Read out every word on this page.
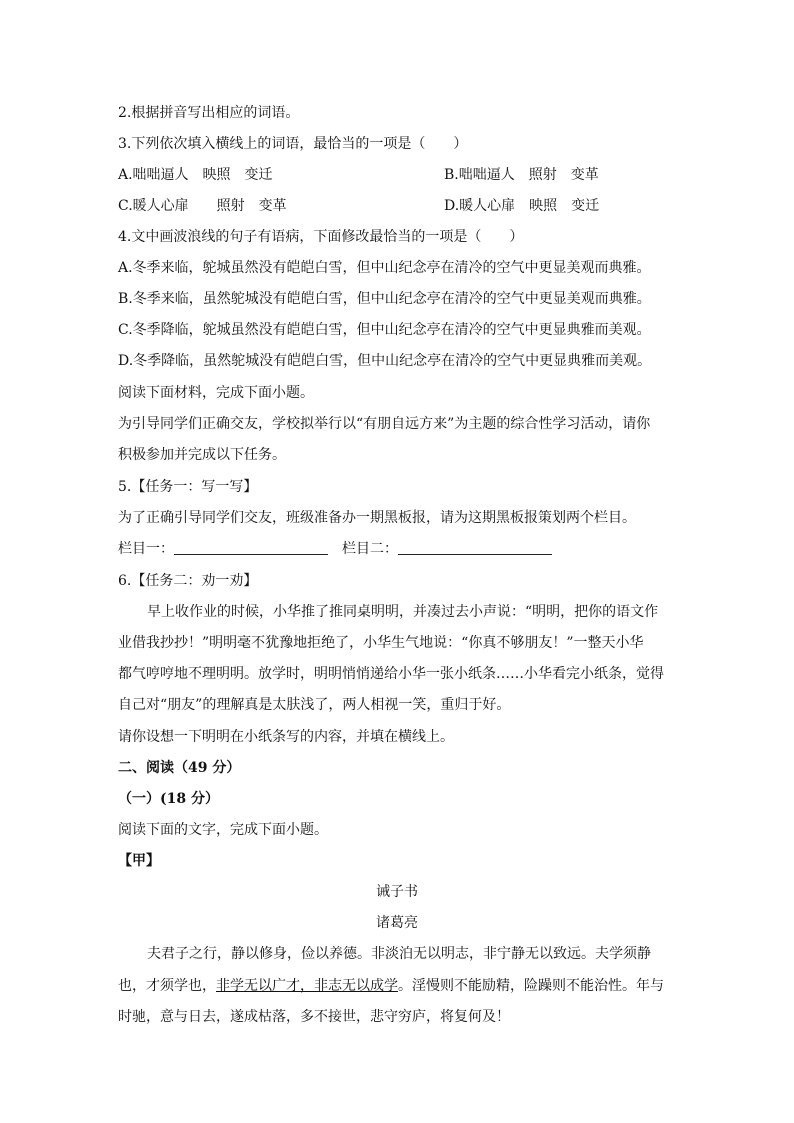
2.根据拼音写出相应的词语。
3.下列依次填入横线上的词语，最恰当的一项是（　　）
A.咄咄逼人　映照　变迁	B.咄咄逼人　照射　变革
C.暖人心扉　　照射　变革	D.暖人心扉　映照　变迁
4.文中画波浪线的句子有语病，下面修改最恰当的一项是（　　）
A.冬季来临，鸵城虽然没有皑皑白雪，但中山纪念亭在清冷的空气中更显美观而典雅。
B.冬季来临，虽然鸵城没有皑皑白雪，但中山纪念亭在清冷的空气中更显美观而典雅。
C.冬季降临，鸵城虽然没有皑皑白雪，但中山纪念亭在清冷的空气中更显典雅而美观。
D.冬季降临，虽然鸵城没有皑皑白雪，但中山纪念亭在清冷的空气中更显典雅而美观。
阅读下面材料，完成下面小题。
为引导同学们正确交友，学校拟举行以“有朋自远方来”为主题的综合性学习活动，请你
积极参加并完成以下任务。
5.【任务一：写一写】
为了正确引导同学们交友，班级准备办一期黑板报，请为这期黑板报策划两个栏目。
栏目一：	栏目二：
6.【任务二：劝一劝】
早上收作业的时候，小华推了推同桌明明，并凑过去小声说：“明明，把你的语文作
业借我抄抄！”明明毫不犹豫地拒绝了，小华生气地说：“你真不够朋友！”一整天小华
都气哼哼地不理明明。放学时，明明悄悄递给小华一张小纸条……小华看完小纸条，觉得
自己对“朋友”的理解真是太肤浅了，两人相视一笑，重归于好。
请你设想一下明明在小纸条写的内容，并填在横线上。
二、阅读（49 分）
（一）(18 分）
阅读下面的文字，完成下面小题。
【甲】
诫子书
诸葛亮
夫君子之行，静以修身，俭以养德。非淡泊无以明志，非宁静无以致远。夫学须静
也，才须学也，非学无以广才，非志无以成学。淫慢则不能励精，险躁则不能治性。年与
时驰，意与日去，遂成枯落，多不接世，悲守穷庐，将复何及！
